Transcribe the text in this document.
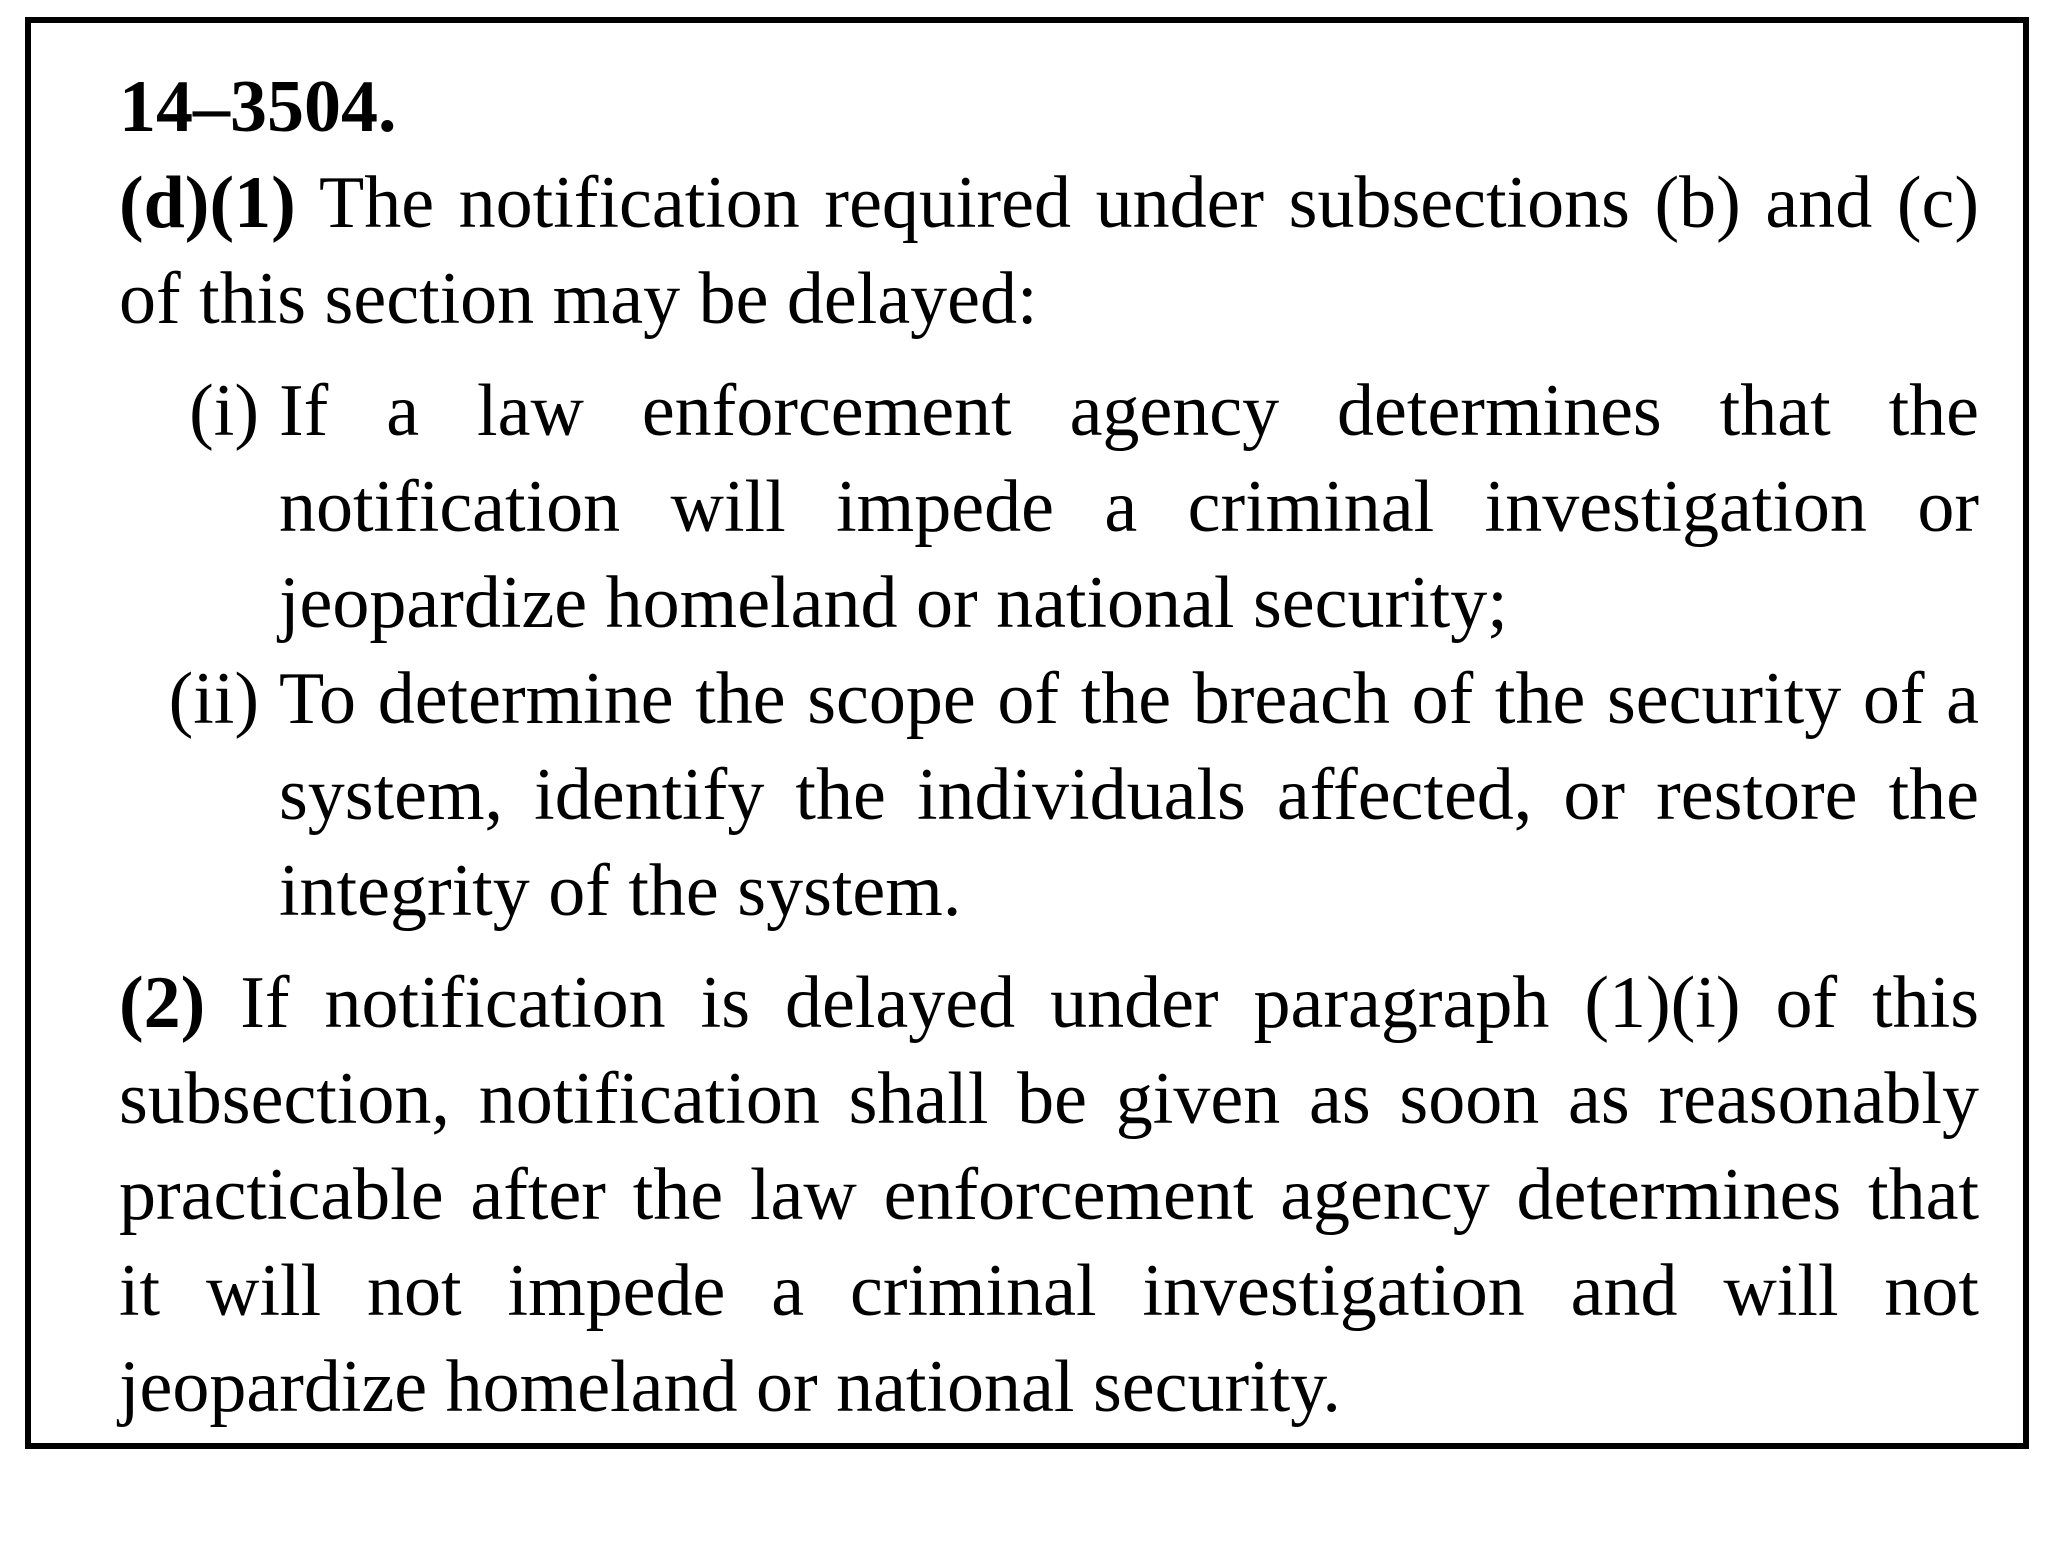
14–3504.

(d)(1) The notification required under subsections (b) and (c) of this section may be delayed:

(i) If a law enforcement agency determines that the notification will impede a criminal investigation or jeopardize homeland or national security;
(ii) To determine the scope of the breach of the security of a system, identify the individuals affected, or restore the integrity of the system.

(2) If notification is delayed under paragraph (1)(i) of this subsection, notification shall be given as soon as reasonably practicable after the law enforcement agency determines that it will not impede a criminal investigation and will not jeopardize homeland or national security.
